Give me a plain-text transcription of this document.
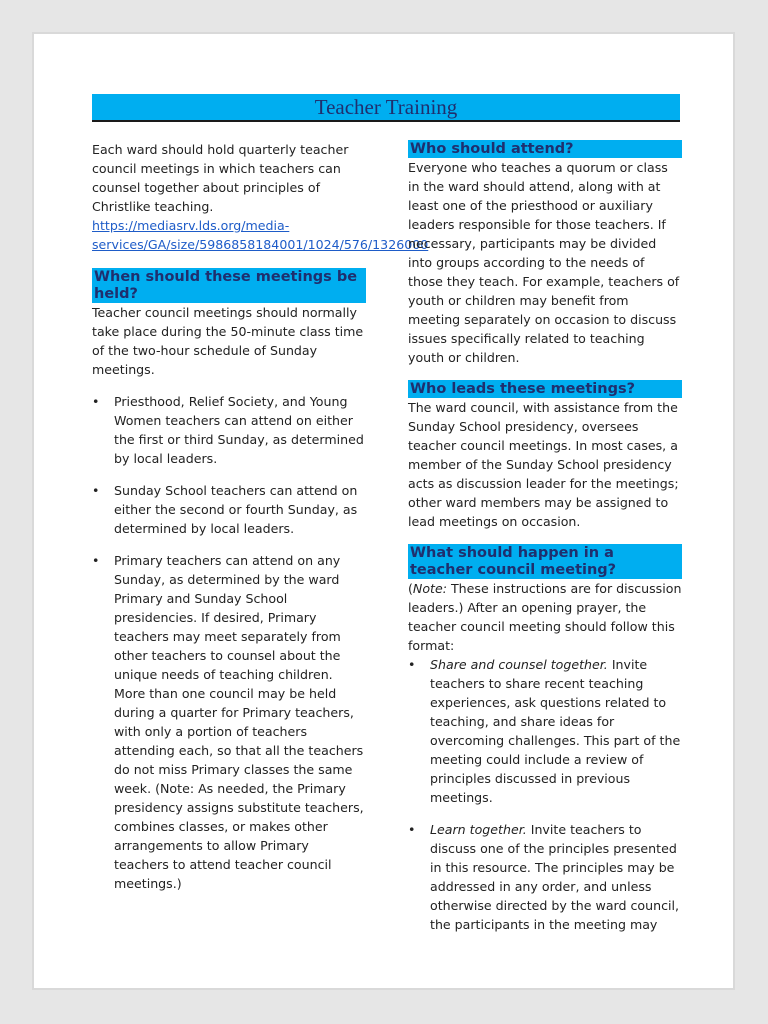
Teacher Training

Each ward should hold quarterly teacher council meetings in which teachers can counsel together about principles of Christlike teaching. https://mediasrv.lds.org/media-services/GA/size/5986858184001/1024/576/1326000

When should these meetings be held?

Teacher council meetings should normally take place during the 50-minute class time of the two-hour schedule of Sunday meetings.

• Priesthood, Relief Society, and Young Women teachers can attend on either the first or third Sunday, as determined by local leaders.
• Sunday School teachers can attend on either the second or fourth Sunday, as determined by local leaders.
• Primary teachers can attend on any Sunday, as determined by the ward Primary and Sunday School presidencies. If desired, Primary teachers may meet separately from other teachers to counsel about the unique needs of teaching children. More than one council may be held during a quarter for Primary teachers, with only a portion of teachers attending each, so that all the teachers do not miss Primary classes the same week. (Note: As needed, the Primary presidency assigns substitute teachers, combines classes, or makes other arrangements to allow Primary teachers to attend teacher council meetings.)
Who should attend?

Everyone who teaches a quorum or class in the ward should attend, along with at least one of the priesthood or auxiliary leaders responsible for those teachers. If necessary, participants may be divided into groups according to the needs of those they teach. For example, teachers of youth or children may benefit from meeting separately on occasion to discuss issues specifically related to teaching youth or children.

Who leads these meetings?

The ward council, with assistance from the Sunday School presidency, oversees teacher council meetings. In most cases, a member of the Sunday School presidency acts as discussion leader for the meetings; other ward members may be assigned to lead meetings on occasion.

What should happen in a teacher council meeting?

(Note: These instructions are for discussion leaders.) After an opening prayer, the teacher council meeting should follow this format:

• Share and counsel together. Invite teachers to share recent teaching experiences, ask questions related to teaching, and share ideas for overcoming challenges. This part of the meeting could include a review of principles discussed in previous meetings.
• Learn together. Invite teachers to discuss one of the principles presented in this resource. The principles may be addressed in any order, and unless otherwise directed by the ward council, the participants in the meeting may
